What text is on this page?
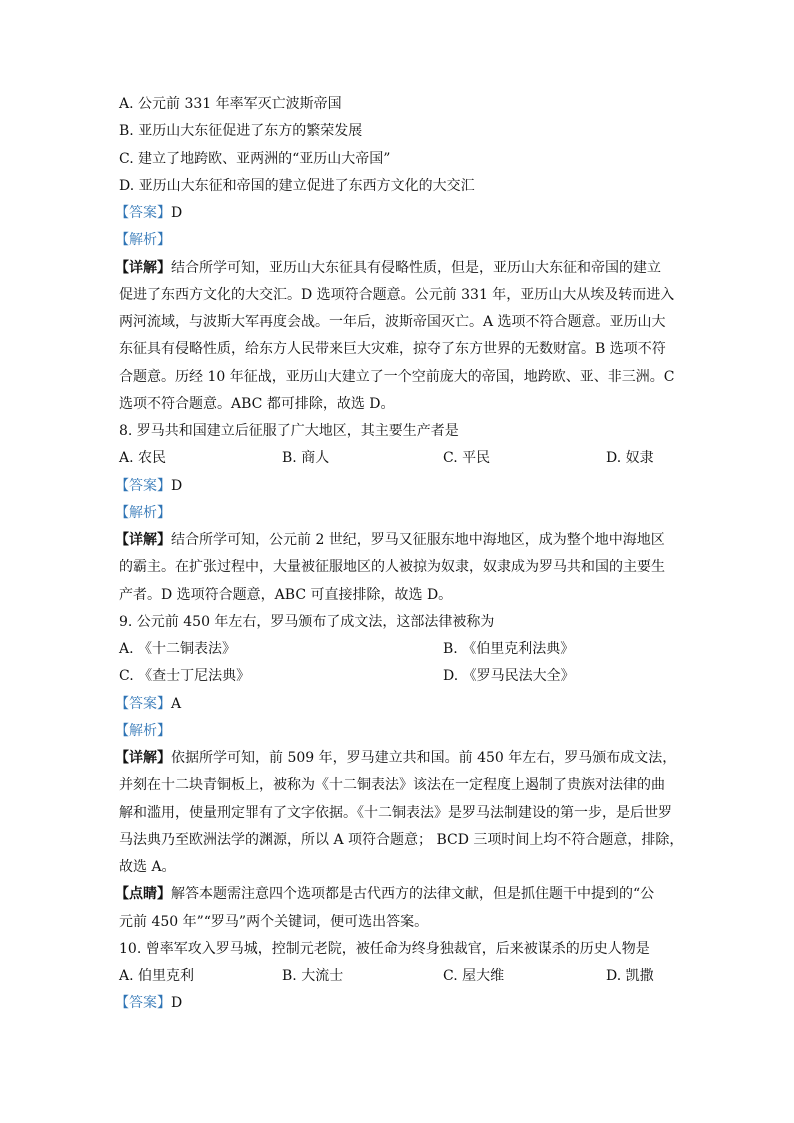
A. 公元前 331 年率军灭亡波斯帝国
B. 亚历山大东征促进了东方的繁荣发展
C. 建立了地跨欧、亚两洲的“亚历山大帝国”
D. 亚历山大东征和帝国的建立促进了东西方文化的大交汇
【答案】D
【解析】
【详解】结合所学可知，亚历山大东征具有侵略性质，但是，亚历山大东征和帝国的建立
促进了东西方文化的大交汇。D 选项符合题意。公元前 331 年，亚历山大从埃及转而进入
两河流域，与波斯大军再度会战。一年后，波斯帝国灭亡。A 选项不符合题意。亚历山大
东征具有侵略性质，给东方人民带来巨大灾难，掠夺了东方世界的无数财富。B 选项不符
合题意。历经 10 年征战，亚历山大建立了一个空前庞大的帝国，地跨欧、亚、非三洲。C
选项不符合题意。ABC 都可排除，故选 D。
8. 罗马共和国建立后征服了广大地区，其主要生产者是
A. 农民	B. 商人	C. 平民	D. 奴隶
【答案】D
【解析】
【详解】结合所学可知，公元前 2 世纪，罗马又征服东地中海地区，成为整个地中海地区
的霸主。在扩张过程中，大量被征服地区的人被掠为奴隶，奴隶成为罗马共和国的主要生
产者。D 选项符合题意，ABC 可直接排除，故选 D。
9. 公元前 450 年左右，罗马颁布了成文法，这部法律被称为
A. 《十二铜表法》	B. 《伯里克利法典》
C. 《查士丁尼法典》	D. 《罗马民法大全》
【答案】A
【解析】
【详解】依据所学可知，前 509 年，罗马建立共和国。前 450 年左右，罗马颁布成文法，
并刻在十二块青铜板上，被称为《十二铜表法》该法在一定程度上遏制了贵族对法律的曲
解和滥用，使量刑定罪有了文字依据。《十二铜表法》是罗马法制建设的第一步，是后世罗
马法典乃至欧洲法学的渊源，所以 A 项符合题意； BCD 三项时间上均不符合题意，排除，
故选 A。
【点睛】解答本题需注意四个选项都是古代西方的法律文献，但是抓住题干中提到的“公
元前 450 年”“罗马”两个关键词，便可选出答案。
10. 曾率军攻入罗马城，控制元老院，被任命为终身独裁官，后来被谋杀的历史人物是
A. 伯里克利	B. 大流士	C. 屋大维	D. 凯撒
【答案】D
